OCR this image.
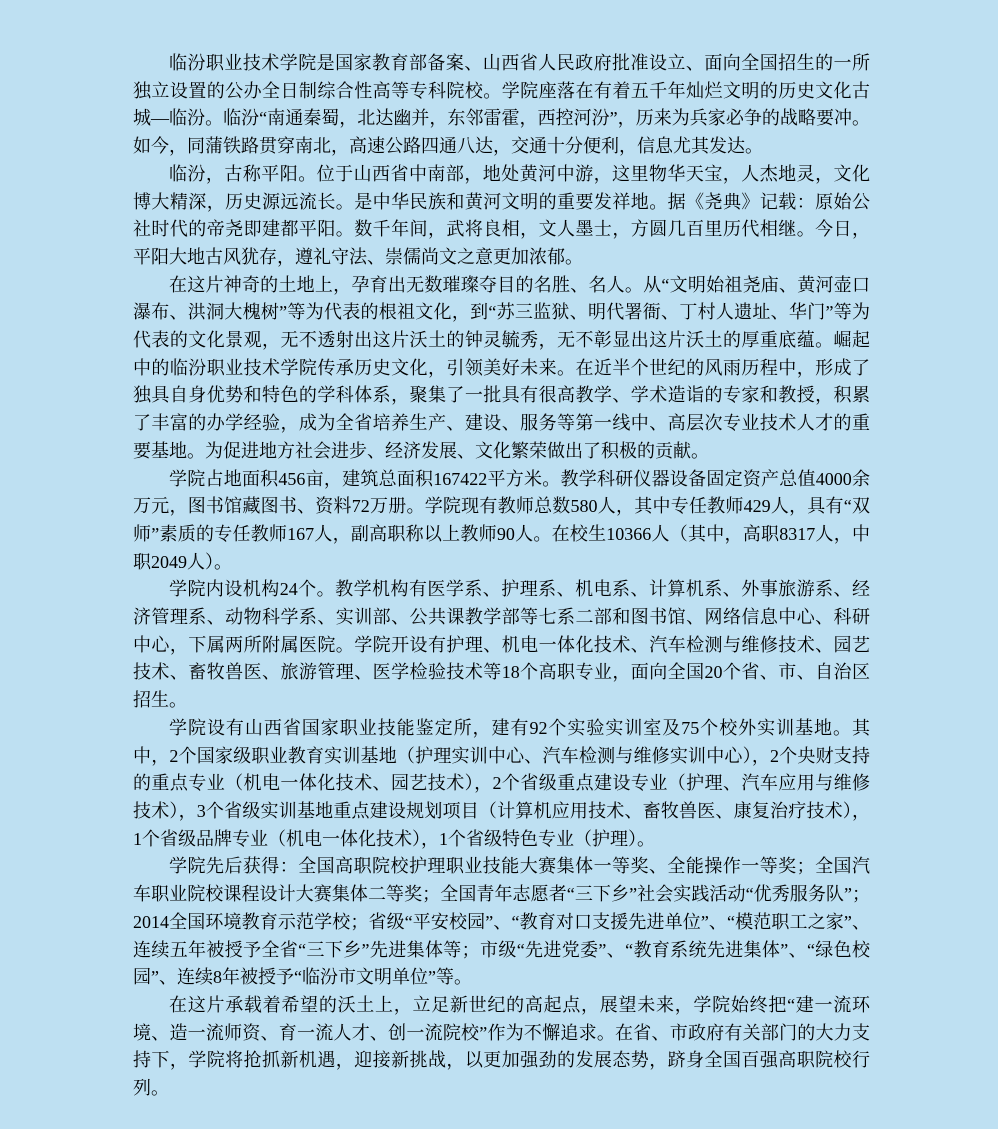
临汾职业技术学院是国家教育部备案、山西省人民政府批准设立、面向全国招生的一所独立设置的公办全日制综合性高等专科院校。学院座落在有着五千年灿烂文明的历史文化古城—临汾。临汾“南通秦蜀，北达幽并，东邻雷霍，西控河汾”，历来为兵家必争的战略要冲。如今，同蒲铁路贯穿南北，高速公路四通八达，交通十分便利，信息尤其发达。

临汾，古称平阳。位于山西省中南部，地处黄河中游，这里物华天宝，人杰地灵，文化博大精深，历史源远流长。是中华民族和黄河文明的重要发祥地。据《尧典》记载：原始公社时代的帝尧即建都平阳。数千年间，武将良相，文人墨士，方圆几百里历代相继。今日，平阳大地古风犹存，遵礼守法、崇儒尚文之意更加浓郁。

在这片神奇的土地上，孕育出无数璀璨夺目的名胜、名人。从“文明始祖尧庙、黄河壶口瀑布、洪洞大槐树”等为代表的根祖文化，到“苏三监狱、明代署衙、丁村人遗址、华门”等为代表的文化景观，无不透射出这片沃土的钟灵毓秀，无不彰显出这片沃土的厚重底蕴。崛起中的临汾职业技术学院传承历史文化，引领美好未来。在近半个世纪的风雨历程中，形成了独具自身优势和特色的学科体系，聚集了一批具有很高教学、学术造诣的专家和教授，积累了丰富的办学经验，成为全省培养生产、建设、服务等第一线中、高层次专业技术人才的重要基地。为促进地方社会进步、经济发展、文化繁荣做出了积极的贡献。

学院占地面积456亩，建筑总面积167422平方米。教学科研仪器设备固定资产总值4000余万元，图书馆藏图书、资料72万册。学院现有教师总数580人，其中专任教师429人，具有“双师”素质的专任教师167人，副高职称以上教师90人。在校生10366人（其中，高职8317人，中职2049人）。

学院内设机构24个。教学机构有医学系、护理系、机电系、计算机系、外事旅游系、经济管理系、动物科学系、实训部、公共课教学部等七系二部和图书馆、网络信息中心、科研中心，下属两所附属医院。学院开设有护理、机电一体化技术、汽车检测与维修技术、园艺技术、畜牧兽医、旅游管理、医学检验技术等18个高职专业，面向全国20个省、市、自治区招生。

学院设有山西省国家职业技能鉴定所，建有92个实验实训室及75个校外实训基地。其中，2个国家级职业教育实训基地（护理实训中心、汽车检测与维修实训中心），2个央财支持的重点专业（机电一体化技术、园艺技术），2个省级重点建设专业（护理、汽车应用与维修技术），3个省级实训基地重点建设规划项目（计算机应用技术、畜牧兽医、康复治疗技术），1个省级品牌专业（机电一体化技术），1个省级特色专业（护理）。

学院先后获得：全国高职院校护理职业技能大赛集体一等奖、全能操作一等奖；全国汽车职业院校课程设计大赛集体二等奖；全国青年志愿者“三下乡”社会实践活动“优秀服务队”；2014全国环境教育示范学校；省级“平安校园”、“教育对口支援先进单位”、“模范职工之家”、连续五年被授予全省“三下乡”先进集体等；市级“先进党委”、“教育系统先进集体”、“绿色校园”、连续8年被授予“临汾市文明单位”等。

在这片承载着希望的沃土上，立足新世纪的高起点，展望未来，学院始终把“建一流环境、造一流师资、育一流人才、创一流院校”作为不懈追求。在省、市政府有关部门的大力支持下，学院将抢抓新机遇，迎接新挑战，以更加强劲的发展态势，跻身全国百强高职院校行列。
